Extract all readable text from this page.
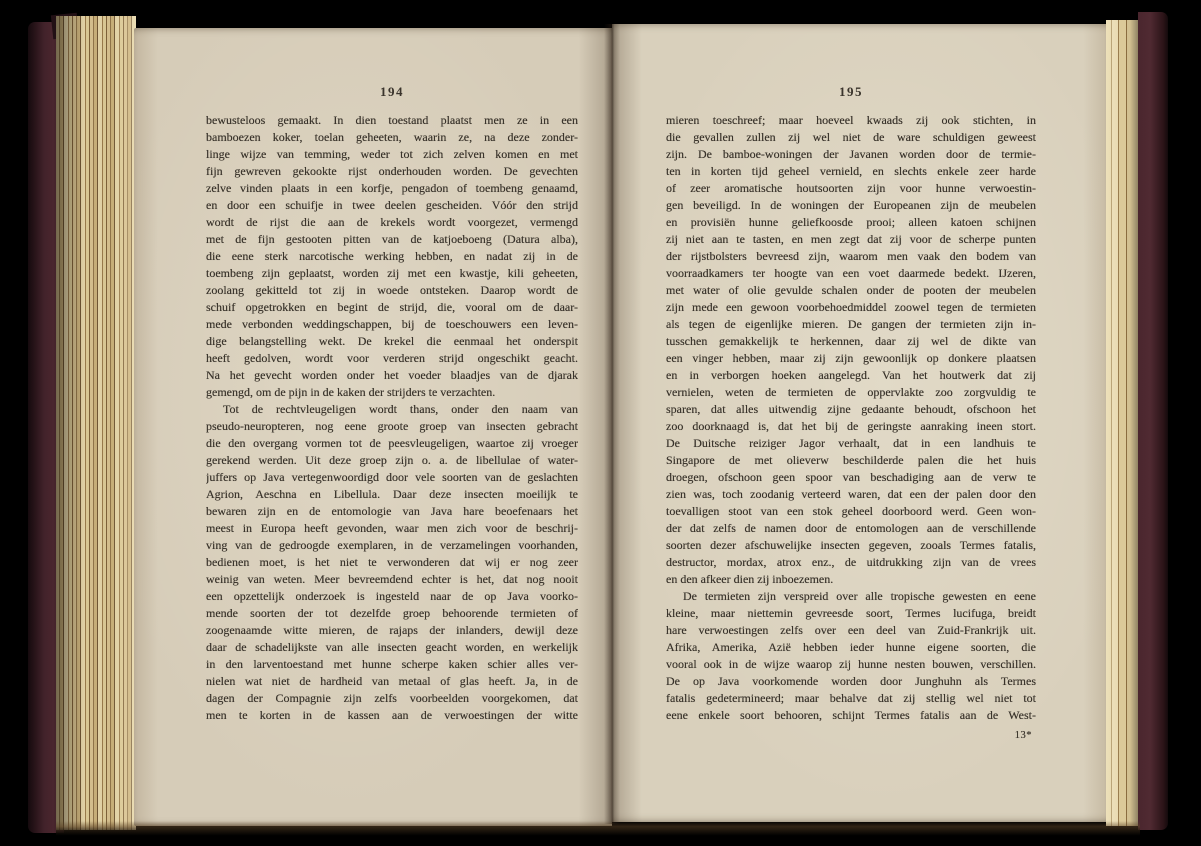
194	195
bewusteloos gemaakt. In dien toestand plaatst men ze in een
bamboezen koker, toelan geheeten, waarin ze, na deze zonder-
linge wijze van temming, weder tot zich zelven komen en met
fijn gewreven gekookte rijst onderhouden worden. De gevechten
zelve vinden plaats in een korfje, pengadon of toembeng genaamd,
en door een schuifje in twee deelen gescheiden. Vóór den strijd
wordt de rijst die aan de krekels wordt voorgezet, vermengd
met de fijn gestooten pitten van de katjoeboeng (Datura alba),
die eene sterk narcotische werking hebben, en nadat zij in de
toembeng zijn geplaatst, worden zij met een kwastje, kili geheeten,
zoolang gekitteld tot zij in woede ontsteken. Daarop wordt de
schuif opgetrokken en begint de strijd, die, vooral om de daar-
mede verbonden weddingschappen, bij de toeschouwers een leven-
dige belangstelling wekt. De krekel die eenmaal het onderspit
heeft gedolven, wordt voor verderen strijd ongeschikt geacht.
Na het gevecht worden onder het voeder blaadjes van de djarak
gemengd, om de pijn in de kaken der strijders te verzachten.
Tot de rechtvleugeligen wordt thans, onder den naam van
pseudo-neuropteren, nog eene groote groep van insecten gebracht
die den overgang vormen tot de peesvleugeligen, waartoe zij vroeger
gerekend werden. Uit deze groep zijn o. a. de libellulae of water-
juffers op Java vertegenwoordigd door vele soorten van de geslachten
Agrion, Aeschna en Libellula. Daar deze insecten moeilijk te
bewaren zijn en de entomologie van Java hare beoefenaars het
meest in Europa heeft gevonden, waar men zich voor de beschrij-
ving van de gedroogde exemplaren, in de verzamelingen voorhanden,
bedienen moet, is het niet te verwonderen dat wij er nog zeer
weinig van weten. Meer bevreemdend echter is het, dat nog nooit
een opzettelijk onderzoek is ingesteld naar de op Java voorko-
mende soorten der tot dezelfde groep behoorende termieten of
zoogenaamde witte mieren, de rajaps der inlanders, dewijl deze
daar de schadelijkste van alle insecten geacht worden, en werkelijk
in den larventoestand met hunne scherpe kaken schier alles ver-
nielen wat niet de hardheid van metaal of glas heeft. Ja, in de
dagen der Compagnie zijn zelfs voorbeelden voorgekomen, dat
men te korten in de kassen aan de verwoestingen der witte
mieren toeschreef; maar hoeveel kwaads zij ook stichten, in
die gevallen zullen zij wel niet de ware schuldigen geweest
zijn. De bamboe-woningen der Javanen worden door de termie-
ten in korten tijd geheel vernield, en slechts enkele zeer harde
of zeer aromatische houtsoorten zijn voor hunne verwoestin-
gen beveiligd. In de woningen der Europeanen zijn de meubelen
en provisiën hunne geliefkoosde prooi; alleen katoen schijnen
zij niet aan te tasten, en men zegt dat zij voor de scherpe punten
der rijstbolsters bevreesd zijn, waarom men vaak den bodem van
voorraadkamers ter hoogte van een voet daarmede bedekt. IJzeren,
met water of olie gevulde schalen onder de pooten der meubelen
zijn mede een gewoon voorbehoedmiddel zoowel tegen de termieten
als tegen de eigenlijke mieren. De gangen der termieten zijn in-
tusschen gemakkelijk te herkennen, daar zij wel de dikte van
een vinger hebben, maar zij zijn gewoonlijk op donkere plaatsen
en in verborgen hoeken aangelegd. Van het houtwerk dat zij
vernielen, weten de termieten de oppervlakte zoo zorgvuldig te
sparen, dat alles uitwendig zijne gedaante behoudt, ofschoon het
zoo doorknaagd is, dat het bij de geringste aanraking ineen stort.
De Duitsche reiziger Jagor verhaalt, dat in een landhuis te
Singapore de met olieverw beschilderde palen die het huis
droegen, ofschoon geen spoor van beschadiging aan de verw te
zien was, toch zoodanig verteerd waren, dat een der palen door den
toevalligen stoot van een stok geheel doorboord werd. Geen won-
der dat zelfs de namen door de entomologen aan de verschillende
soorten dezer afschuwelijke insecten gegeven, zooals Termes fatalis,
destructor, mordax, atrox enz., de uitdrukking zijn van de vrees
en den afkeer dien zij inboezemen.
De termieten zijn verspreid over alle tropische gewesten en eene
kleine, maar niettemin gevreesde soort, Termes lucifuga, breidt
hare verwoestingen zelfs over een deel van Zuid-Frankrijk uit.
Afrika, Amerika, Azië hebben ieder hunne eigene soorten, die
vooral ook in de wijze waarop zij hunne nesten bouwen, verschillen.
De op Java voorkomende worden door Junghuhn als Termes
fatalis gedetermineerd; maar behalve dat zij stellig wel niet tot
eene enkele soort behooren, schijnt Termes fatalis aan de West-
13*
